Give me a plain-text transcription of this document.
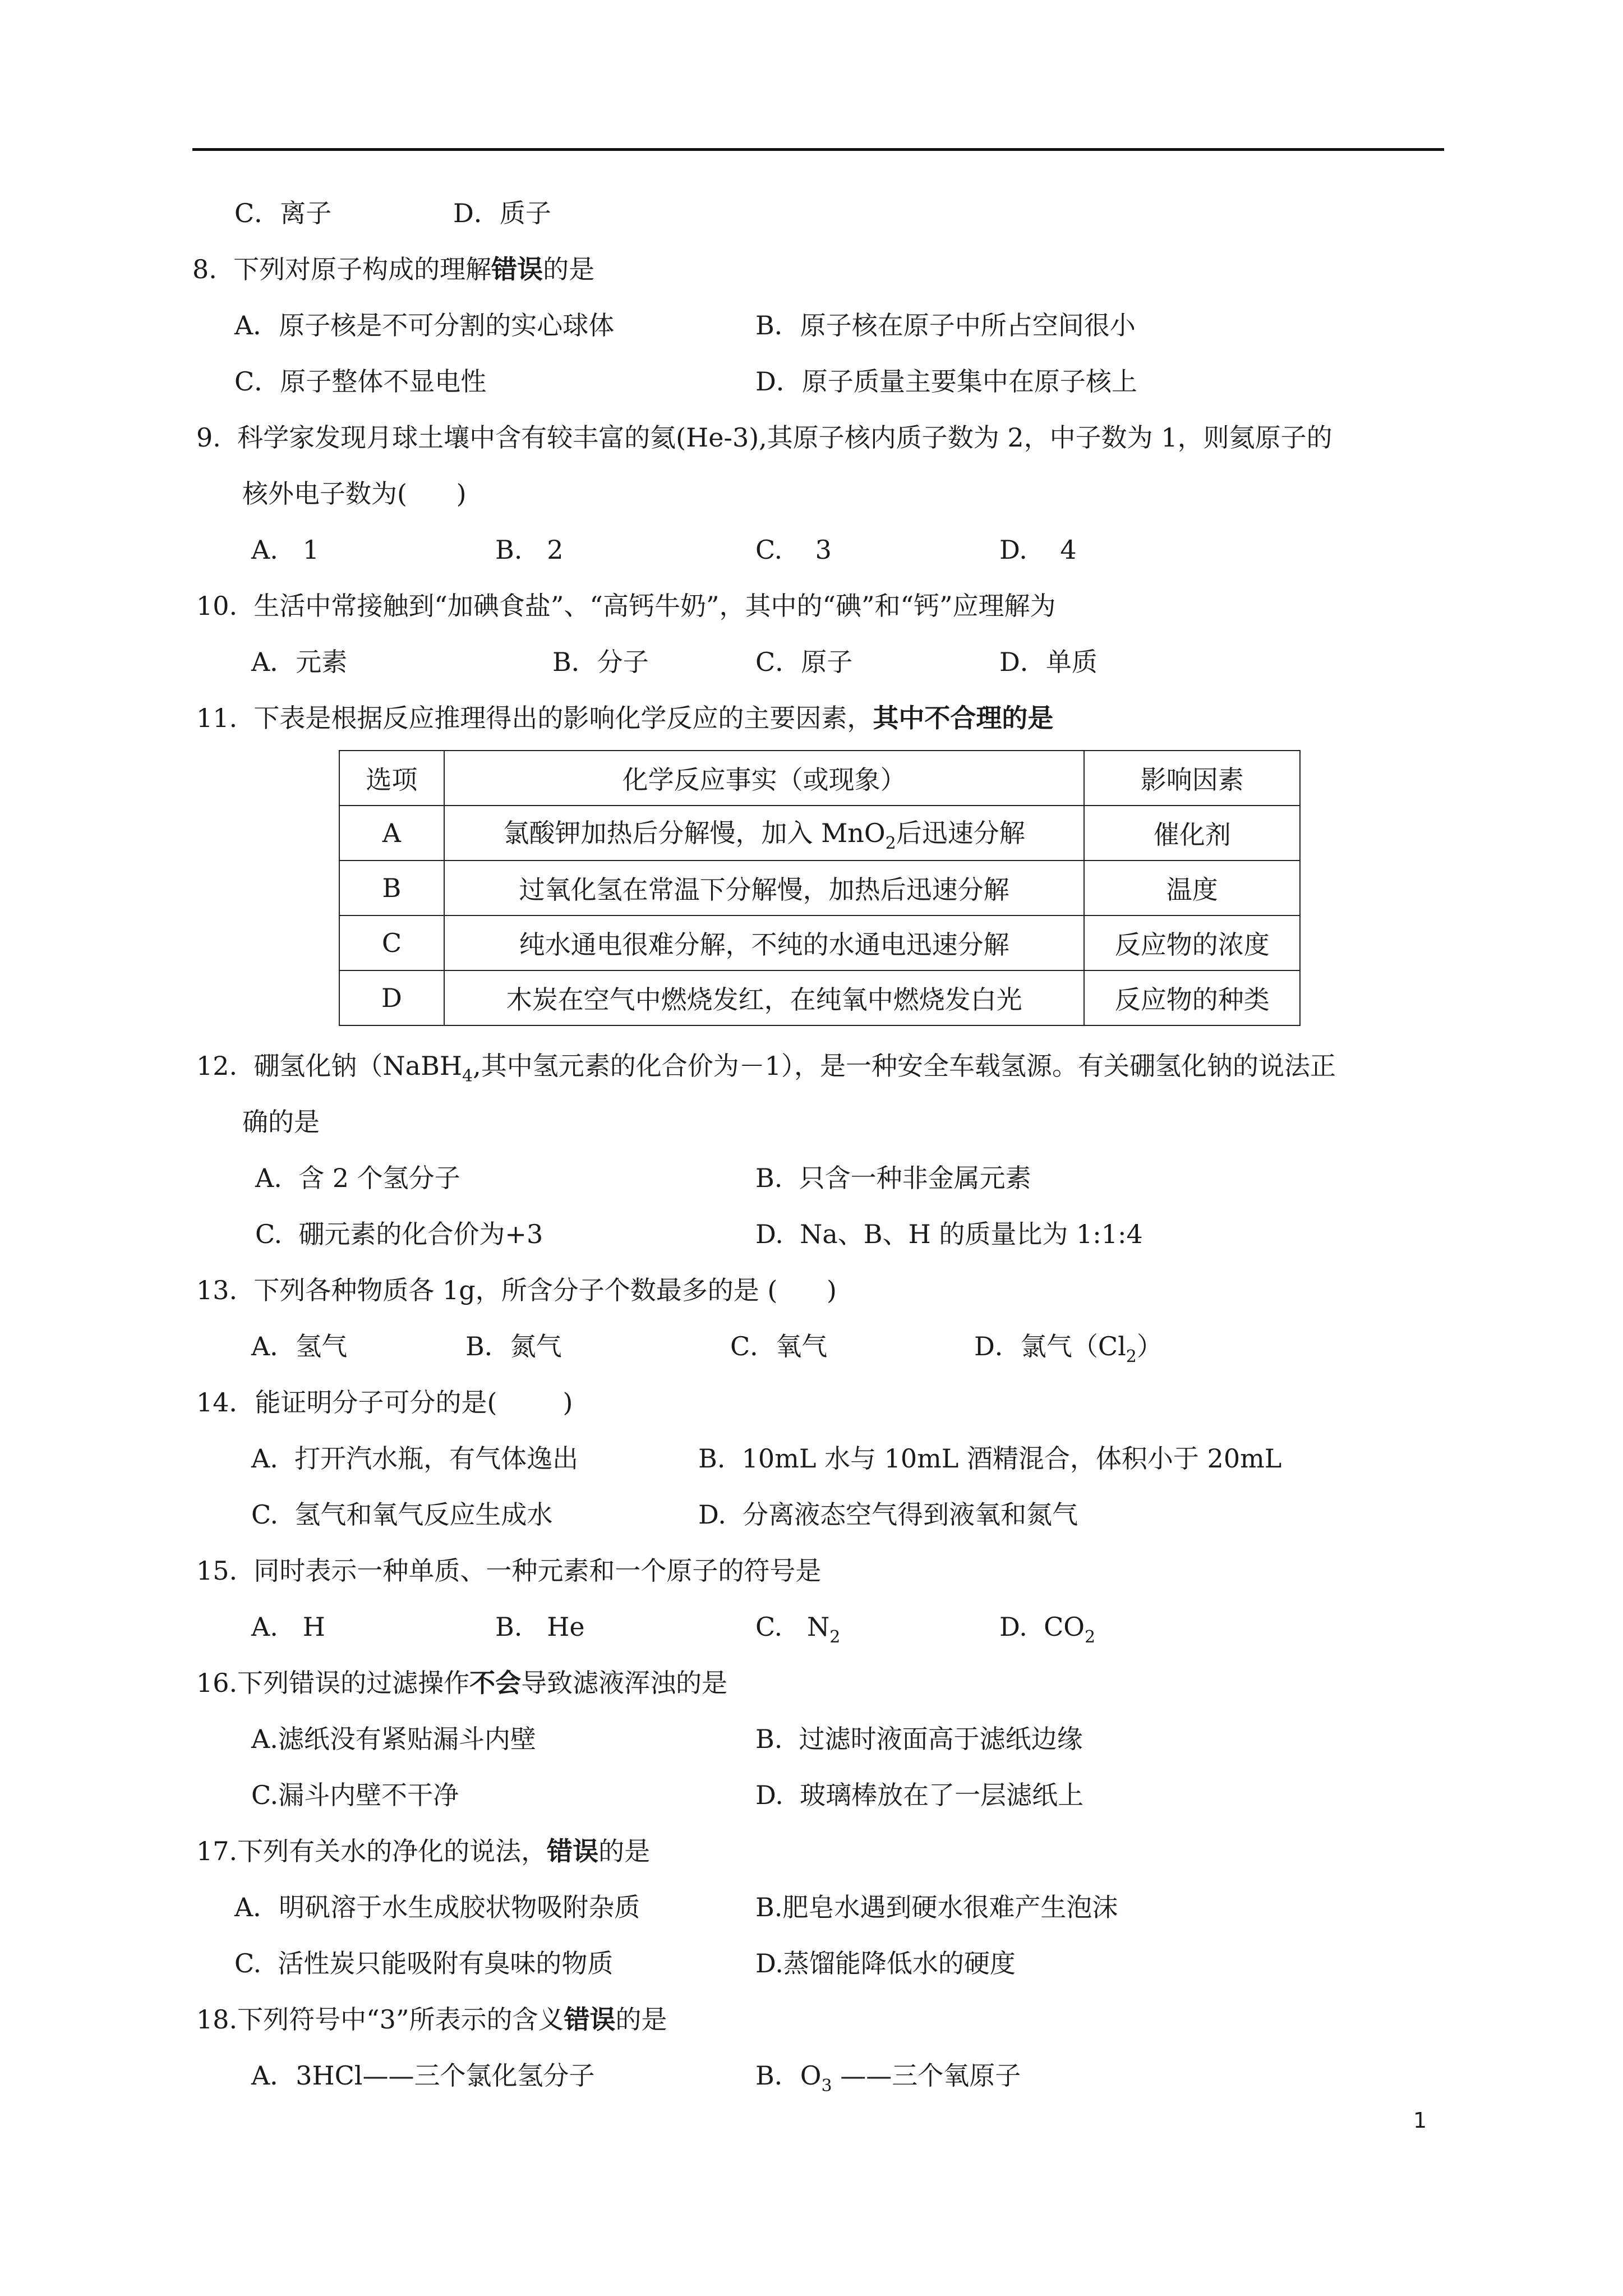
C．离子	D．质子
8.  下列对原子构成的理解错误的是
A．原子核是不可分割的实心球体	B．原子核在原子中所占空间很小
C．原子整体不显电性	D．原子质量主要集中在原子核上
9.  科学家发现月球土壤中含有较丰富的氦(He-3),其原子核内质子数为 2，中子数为 1，则氦原子的
核外电子数为(      )
A.   1	B.   2	C.    3	D.    4
10.  生活中常接触到“加碘食盐”、“高钙牛奶”，其中的“碘”和“钙”应理解为
A．元素	B．分子	C．原子	D．单质
11.  下表是根据反应推理得出的影响化学反应的主要因素，其中不合理的是
选项	化学反应事实（或现象）	影响因素
A	氯酸钾加热后分解慢，加入 MnO$_2$后迅速分解	催化剂
B	过氧化氢在常温下分解慢，加热后迅速分解	温度
C	纯水通电很难分解，不纯的水通电迅速分解	反应物的浓度
D	木炭在空气中燃烧发红，在纯氧中燃烧发白光	反应物的种类
12.  硼氢化钠（NaBH$_4$,其中氢元素的化合价为－1），是一种安全车载氢源。有关硼氢化钠的说法正
确的是
A.  含 2 个氢分子	B.  只含一种非金属元素
C.  硼元素的化合价为+3	D.  Na、B、H 的质量比为 1:1:4
13.  下列各种物质各 1g，所含分子个数最多的是 (      )
A．氢气	B．氮气	C．氧气	D．氯气$(Cl_2)$
14．能证明分子可分的是(        )
A.  打开汽水瓶，有气体逸出	B.  10mL 水与 10mL 酒精混合，体积小于 20mL
C.  氢气和氧气反应生成水	D.  分离液态空气得到液氧和氮气
15.  同时表示一种单质、一种元素和一个原子的符号是
A.   H	B.   He	C.   $N_2$	D.  $CO_2$
16.下列错误的过滤操作不会导致滤液浑浊的是
A.滤纸没有紧贴漏斗内壁	B.  过滤时液面高于滤纸边缘
C.漏斗内壁不干净	D.  玻璃棒放在了一层滤纸上
17.下列有关水的净化的说法，错误的是
A．明矾溶于水生成胶状物吸附杂质	B.肥皂水遇到硬水很难产生泡沫
C.  活性炭只能吸附有臭味的物质	D.蒸馏能降低水的硬度
18.下列符号中“3”所表示的含义错误的是
A．3HCl——三个氯化氢分子	B．$O_3$ ——三个氧原子
1
